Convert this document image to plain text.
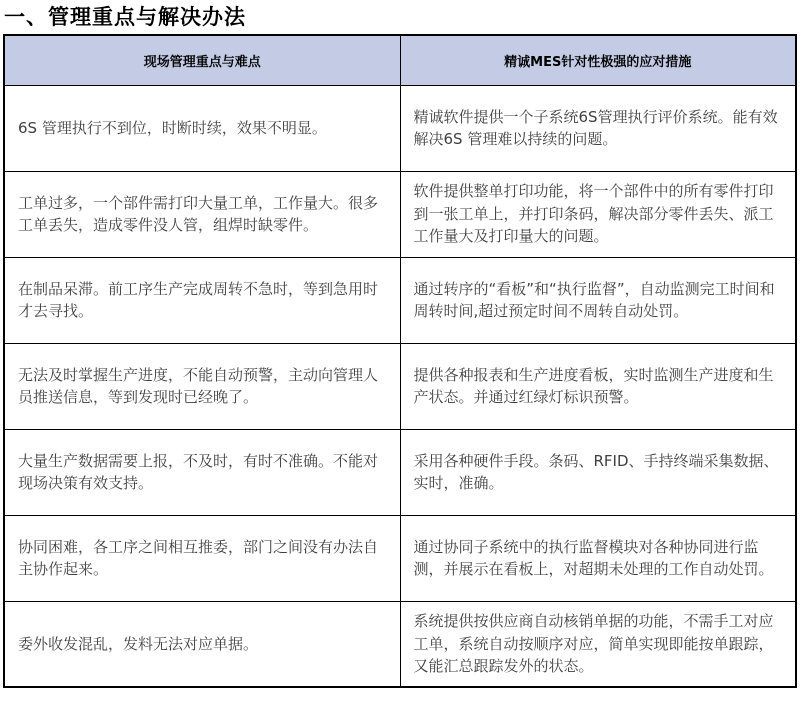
一、管理重点与解决办法
现场管理重点与难点	精诚MES针对性极强的应对措施
6S 管理执行不到位，时断时续，效果不明显。	精诚软件提供一个子系统6S管理执行评价系统。能有效解决6S 管理难以持续的问题。
工单过多，一个部件需打印大量工单，工作量大。很多工单丢失，造成零件没人管，组焊时缺零件。	软件提供整单打印功能，将一个部件中的所有零件打印到一张工单上，并打印条码，解决部分零件丢失、派工工作量大及打印量大的问题。
在制品呆滞。前工序生产完成周转不急时，等到急用时才去寻找。	通过转序的“看板”和“执行监督”，自动监测完工时间和周转时间,超过预定时间不周转自动处罚。
无法及时掌握生产进度，不能自动预警，主动向管理人员推送信息，等到发现时已经晚了。	提供各种报表和生产进度看板，实时监测生产进度和生产状态。并通过红绿灯标识预警。
大量生产数据需要上报，不及时，有时不准确。不能对现场决策有效支持。	采用各种硬件手段。条码、RFID、手持终端采集数据、实时，准确。
协同困难，各工序之间相互推委，部门之间没有办法自主协作起来。	通过协同子系统中的执行监督模块对各种协同进行监测，并展示在看板上，对超期未处理的工作自动处罚。
委外收发混乱，发料无法对应单据。	系统提供按供应商自动核销单据的功能，不需手工对应工单，系统自动按顺序对应，简单实现即能按单跟踪，又能汇总跟踪发外的状态。
